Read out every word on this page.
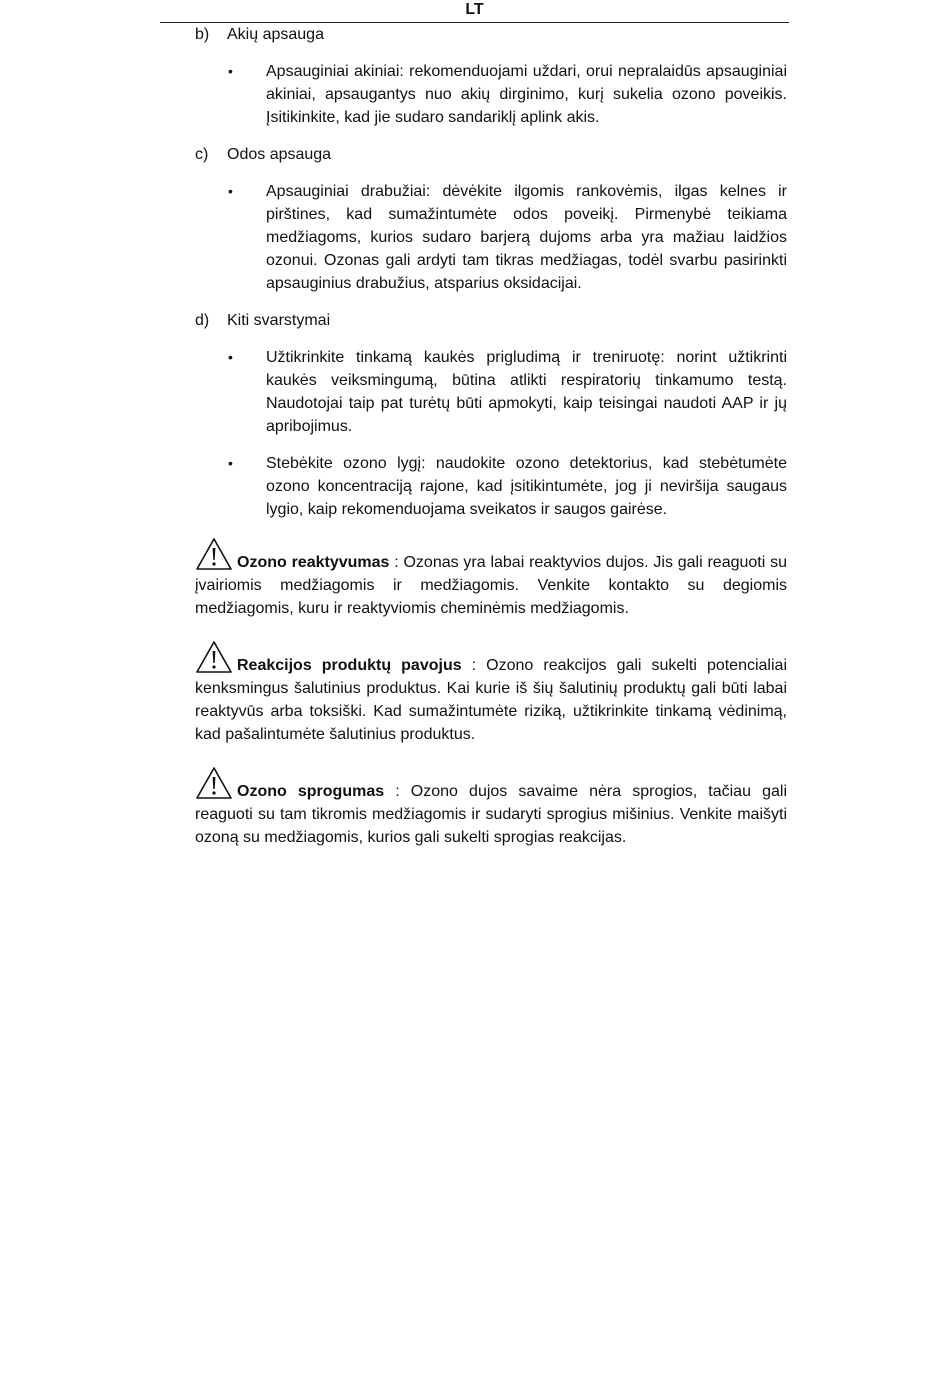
LT
b)	Akių apsauga
•	Apsauginiai akiniai: rekomenduojami uždari, orui nepralaidūs apsauginiai akiniai, apsaugantys nuo akių dirginimo, kurį sukelia ozono poveikis. Įsitikinkite, kad jie sudaro sandariklį aplink akis.
c)	Odos apsauga
•	Apsauginiai drabužiai: dėvėkite ilgomis rankovėmis, ilgas kelnes ir pirštines, kad sumažintumėte odos poveikį. Pirmenybė teikiama medžiagoms, kurios sudaro barjerą dujoms arba yra mažiau laidžios ozonui. Ozonas gali ardyti tam tikras medžiagas, todėl svarbu pasirinkti apsauginius drabužius, atsparius oksidacijai.
d)	Kiti svarstymai
•	Užtikrinkite tinkamą kaukės prigludimą ir treniruotę: norint užtikrinti kaukės veiksmingumą, būtina atlikti respiratorių tinkamumo testą. Naudotojai taip pat turėtų būti apmokyti, kaip teisingai naudoti AAP ir jų apribojimus.
•	Stebėkite ozono lygį: naudokite ozono detektorius, kad stebėtumėte ozono koncentraciją rajone, kad įsitikintumėte, jog ji neviršija saugaus lygio, kaip rekomenduojama sveikatos ir saugos gairėse.
Ozono reaktyvumas : Ozonas yra labai reaktyvios dujos. Jis gali reaguoti su įvairiomis medžiagomis ir medžiagomis. Venkite kontakto su degiomis medžiagomis, kuru ir reaktyviomis cheminėmis medžiagomis.
Reakcijos produktų pavojus : Ozono reakcijos gali sukelti potencialiai kenksmingus šalutinius produktus. Kai kurie iš šių šalutinių produktų gali būti labai reaktyvūs arba toksiški. Kad sumažintumėte riziką, užtikrinkite tinkamą vėdinimą, kad pašalintumėte šalutinius produktus.
Ozono sprogumas : Ozono dujos savaime nėra sprogios, tačiau gali reaguoti su tam tikromis medžiagomis ir sudaryti sprogius mišinius. Venkite maišyti ozoną su medžiagomis, kurios gali sukelti sprogias reakcijas.
